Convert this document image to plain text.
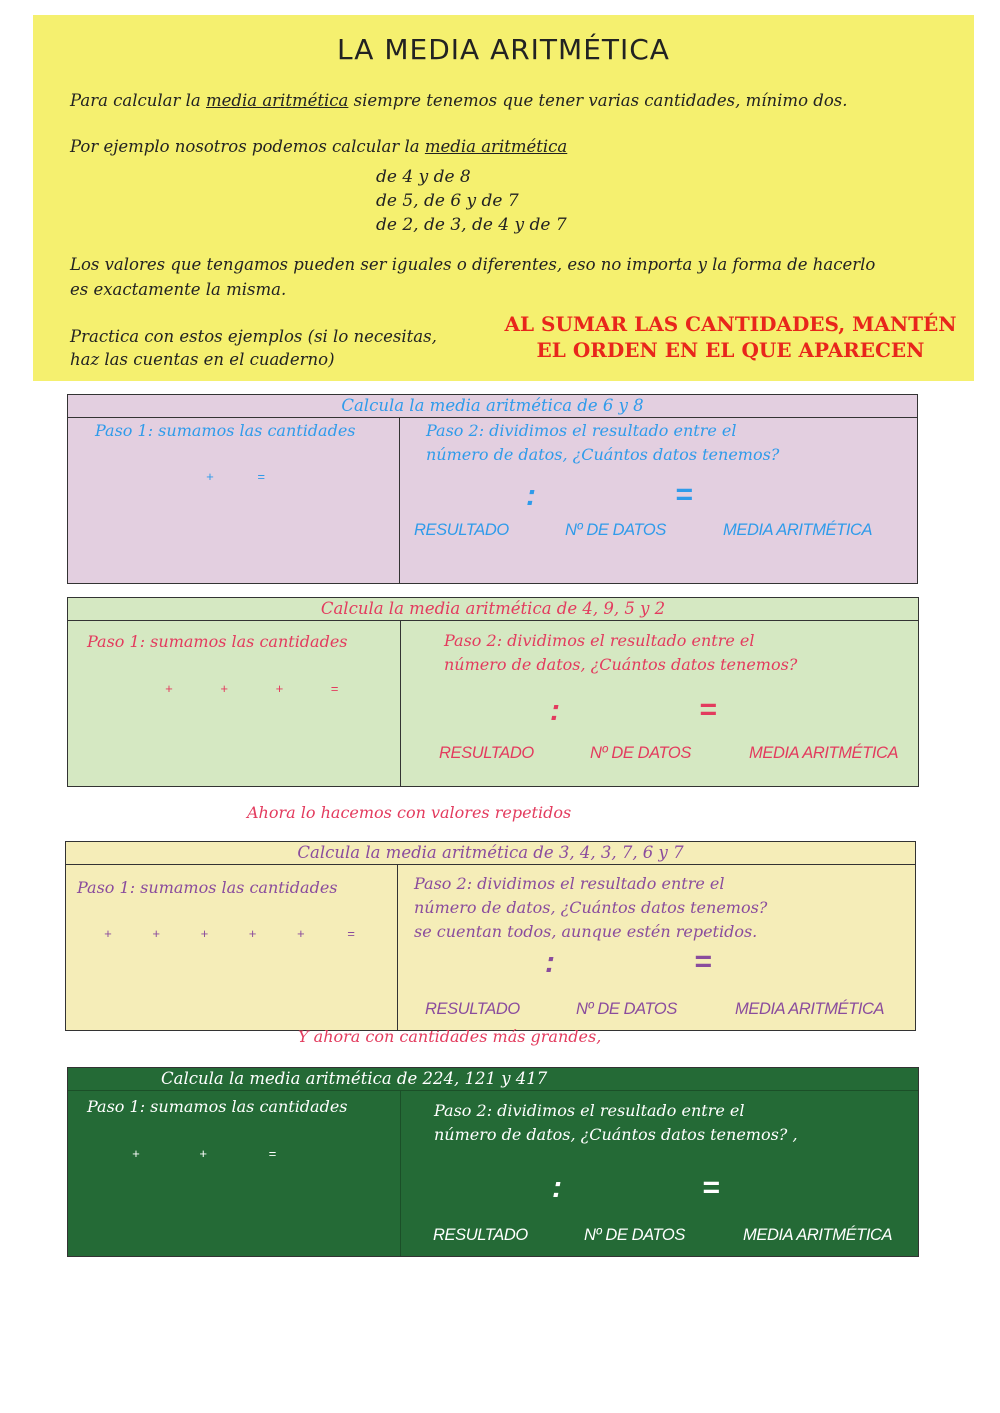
LA MEDIA ARITMÉTICA
Para calcular la media aritmética siempre tenemos que tener varias cantidades, mínimo dos.
Por ejemplo nosotros podemos calcular la media aritmética
de 4 y de 8
de 5, de 6 y de 7
de 2, de 3, de 4 y de 7
Los valores que tengamos pueden ser iguales o diferentes, eso no importa y la forma de hacerlo
es exactamente la misma.
Practica con estos ejemplos (si lo necesitas,
haz las cuentas en el cuaderno)
AL SUMAR LAS CANTIDADES, MANTÉN
EL ORDEN EN EL QUE APARECEN
Calcula la media aritmética de 6 y 8
Paso 1: sumamos las cantidades
+	=
Paso 2: dividimos el resultado entre el
número de datos, ¿Cuántos datos tenemos?
:	=
RESULTADO	Nº DE DATOS	MEDIA ARITMÉTICA
Calcula la media aritmética de 4, 9, 5 y 2
Paso 1: sumamos las cantidades
+	+	+	=
Paso 2: dividimos el resultado entre el
número de datos, ¿Cuántos datos tenemos?
:	=
RESULTADO	Nº DE DATOS	MEDIA ARITMÉTICA
Ahora lo hacemos con valores repetidos
Calcula la media aritmética de 3, 4, 3, 7, 6 y 7
Paso 1: sumamos las cantidades
+	+	+	+	+	=
Paso 2: dividimos el resultado entre el
número de datos, ¿Cuántos datos tenemos?
se cuentan todos, aunque estén repetidos.
:	=
RESULTADO	Nº DE DATOS	MEDIA ARITMÉTICA
Y ahora con cantidades más grandes,
Calcula la media aritmética de 224, 121 y 417
Paso 1: sumamos las cantidades
+	+	=
Paso 2: dividimos el resultado entre el
número de datos, ¿Cuántos datos tenemos? ,
:	=
RESULTADO	Nº DE DATOS	MEDIA ARITMÉTICA
